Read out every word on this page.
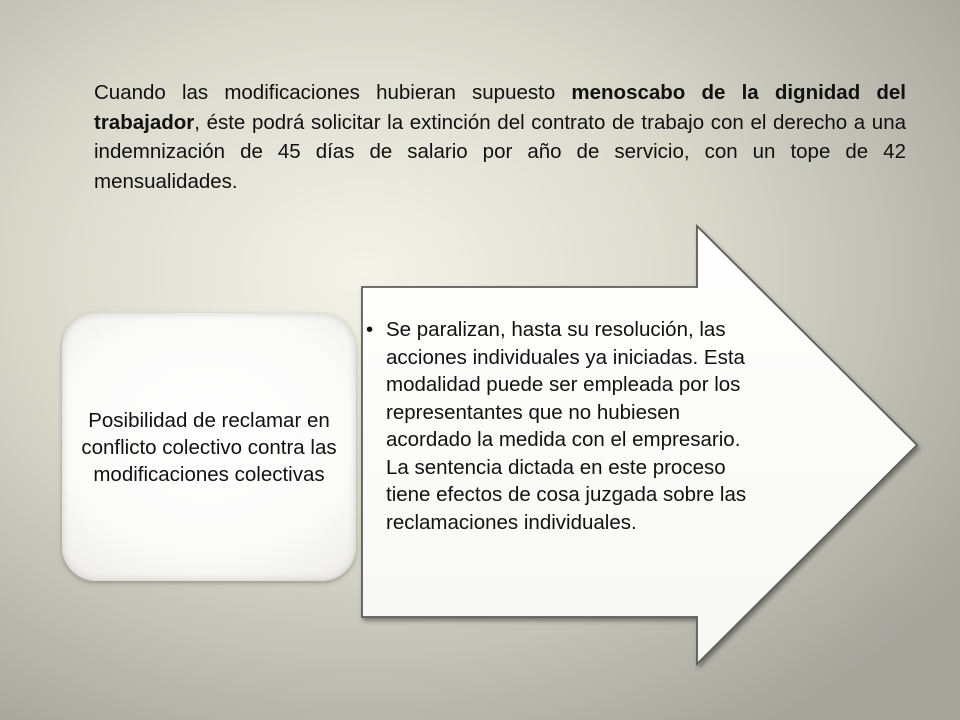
Cuando las modificaciones hubieran supuesto menoscabo de la dignidad del trabajador, éste podrá solicitar la extinción del contrato de trabajo con el derecho a una indemnización de 45 días de salario por año de servicio, con un tope de 42 mensualidades.
Posibilidad de reclamar en conflicto colectivo contra las modificaciones colectivas
• Se paralizan, hasta su resolución, las acciones individuales ya iniciadas. Esta modalidad puede ser empleada por los representantes que no hubiesen acordado la medida con el empresario. La sentencia dictada en este proceso tiene efectos de cosa juzgada sobre las reclamaciones individuales.
